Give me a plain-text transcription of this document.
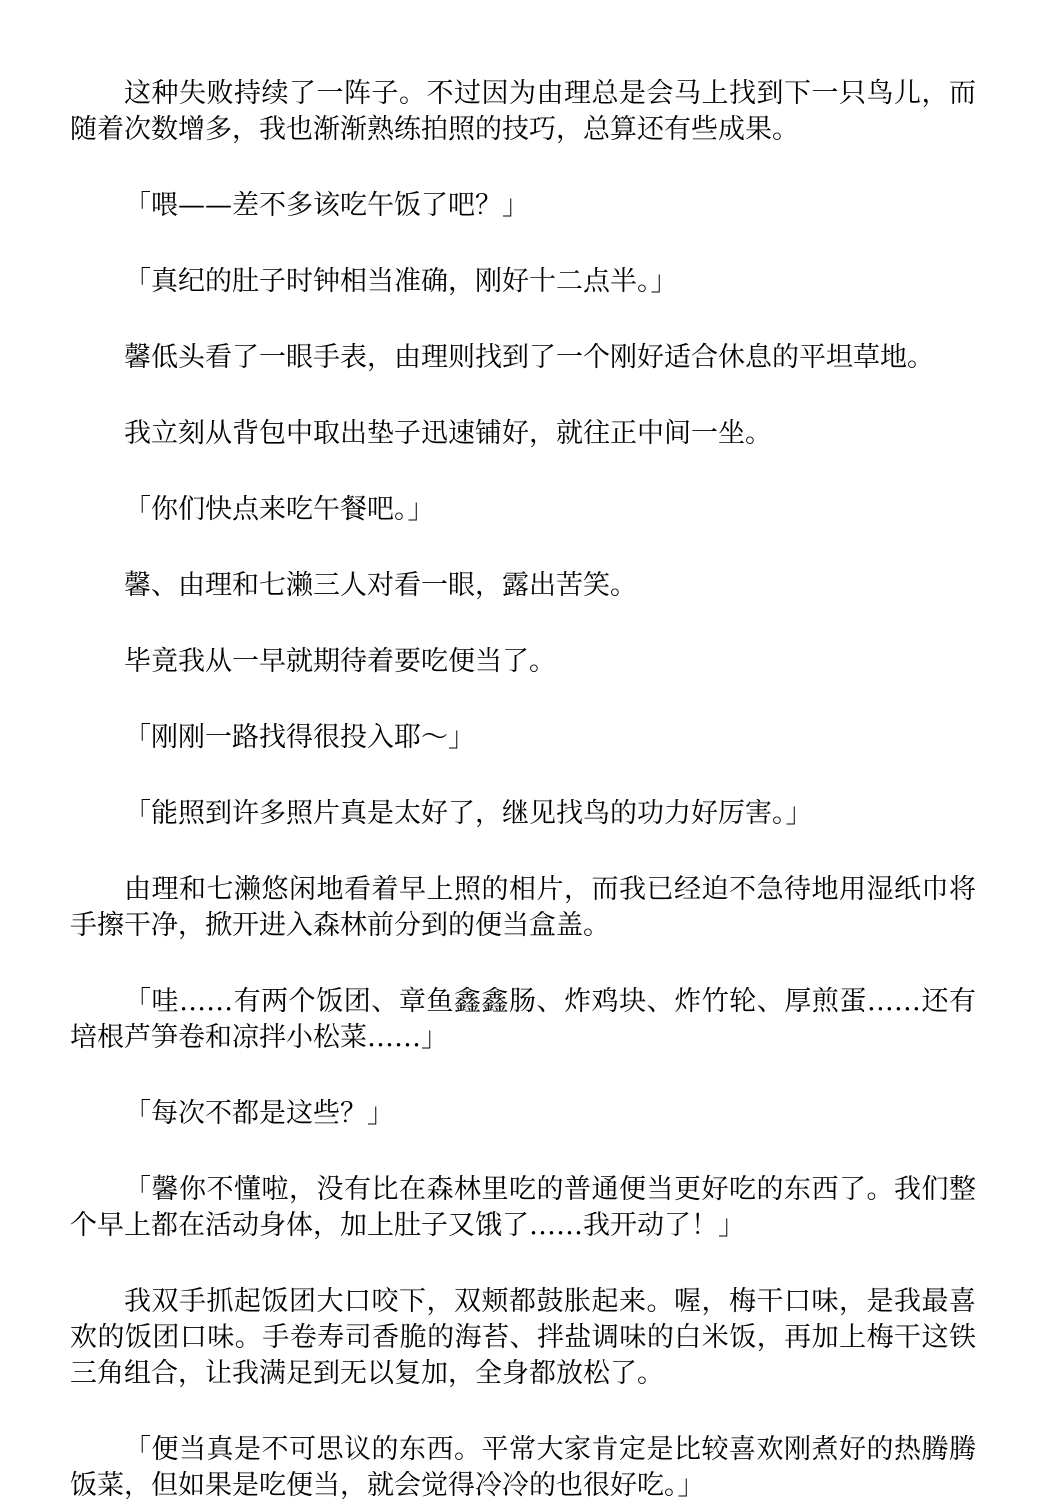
这种失败持续了一阵子。不过因为由理总是会马上找到下一只鸟儿，而随着次数增多，我也渐渐熟练拍照的技巧，总算还有些成果。

「喂——差不多该吃午饭了吧？」

「真纪的肚子时钟相当准确，刚好十二点半。」

馨低头看了一眼手表，由理则找到了一个刚好适合休息的平坦草地。

我立刻从背包中取出垫子迅速铺好，就往正中间一坐。

「你们快点来吃午餐吧。」

馨、由理和七濑三人对看一眼，露出苦笑。

毕竟我从一早就期待着要吃便当了。

「刚刚一路找得很投入耶～」

「能照到许多照片真是太好了，继见找鸟的功力好厉害。」

由理和七濑悠闲地看着早上照的相片，而我已经迫不急待地用湿纸巾将手擦干净，掀开进入森林前分到的便当盒盖。

「哇……有两个饭团、章鱼鑫鑫肠、炸鸡块、炸竹轮、厚煎蛋……还有培根芦笋卷和凉拌小松菜……」

「每次不都是这些？」

「馨你不懂啦，没有比在森林里吃的普通便当更好吃的东西了。我们整个早上都在活动身体，加上肚子又饿了……我开动了！」

我双手抓起饭团大口咬下，双颊都鼓胀起来。喔，梅干口味，是我最喜欢的饭团口味。手卷寿司香脆的海苔、拌盐调味的白米饭，再加上梅干这铁三角组合，让我满足到无以复加，全身都放松了。

「便当真是不可思议的东西。平常大家肯定是比较喜欢刚煮好的热腾腾饭菜，但如果是吃便当，就会觉得冷冷的也很好吃。」
